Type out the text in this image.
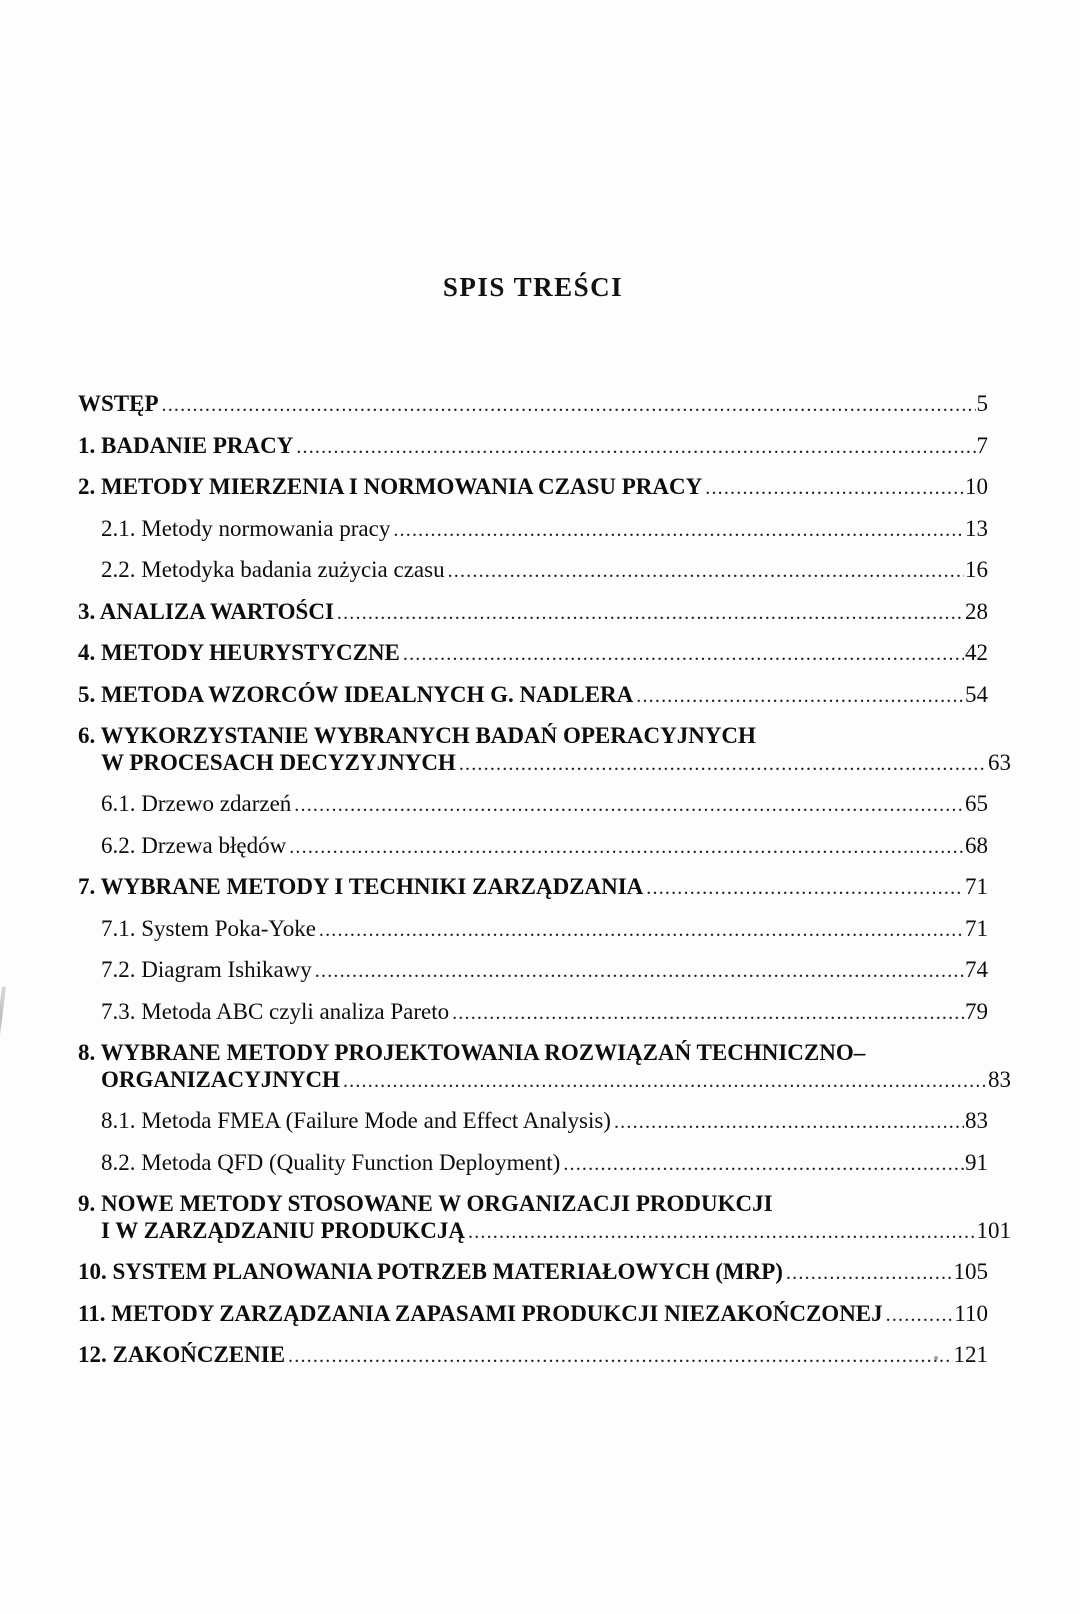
SPIS TREŚCI
WSTĘP .....	5
1. BADANIE PRACY .....	7
2. METODY MIERZENIA I NORMOWANIA CZASU PRACY .....	10
2.1. Metody normowania pracy .....	13
2.2. Metodyka badania zużycia czasu .....	16
3. ANALIZA WARTOŚCI .....	28
4. METODY HEURYSTYCZNE .....	42
5. METODA WZORCÓW IDEALNYCH G. NADLERA .....	54
6. WYKORZYSTANIE WYBRANYCH BADAŃ OPERACYJNYCH
W PROCESACH DECYZYJNYCH .....	63
6.1. Drzewo zdarzeń .....	65
6.2. Drzewa błędów .....	68
7. WYBRANE METODY I TECHNIKI ZARZĄDZANIA .....	71
7.1. System Poka-Yoke .....	71
7.2. Diagram Ishikawy .....	74
7.3. Metoda ABC czyli analiza Pareto .....	79
8. WYBRANE METODY PROJEKTOWANIA ROZWIĄZAŃ TECHNICZNO–
ORGANIZACYJNYCH .....	83
8.1. Metoda FMEA (Failure Mode and Effect Analysis) .....	83
8.2. Metoda QFD (Quality Function Deployment) .....	91
9. NOWE METODY STOSOWANE W ORGANIZACJI PRODUKCJI
I W ZARZĄDZANIU PRODUKCJĄ .....	101
10. SYSTEM PLANOWANIA POTRZEB MATERIAŁOWYCH (MRP) .....	105
11. METODY ZARZĄDZANIA ZAPASAMI PRODUKCJI NIEZAKOŃCZONEJ .....	110
12. ZAKOŃCZENIE .....	121
